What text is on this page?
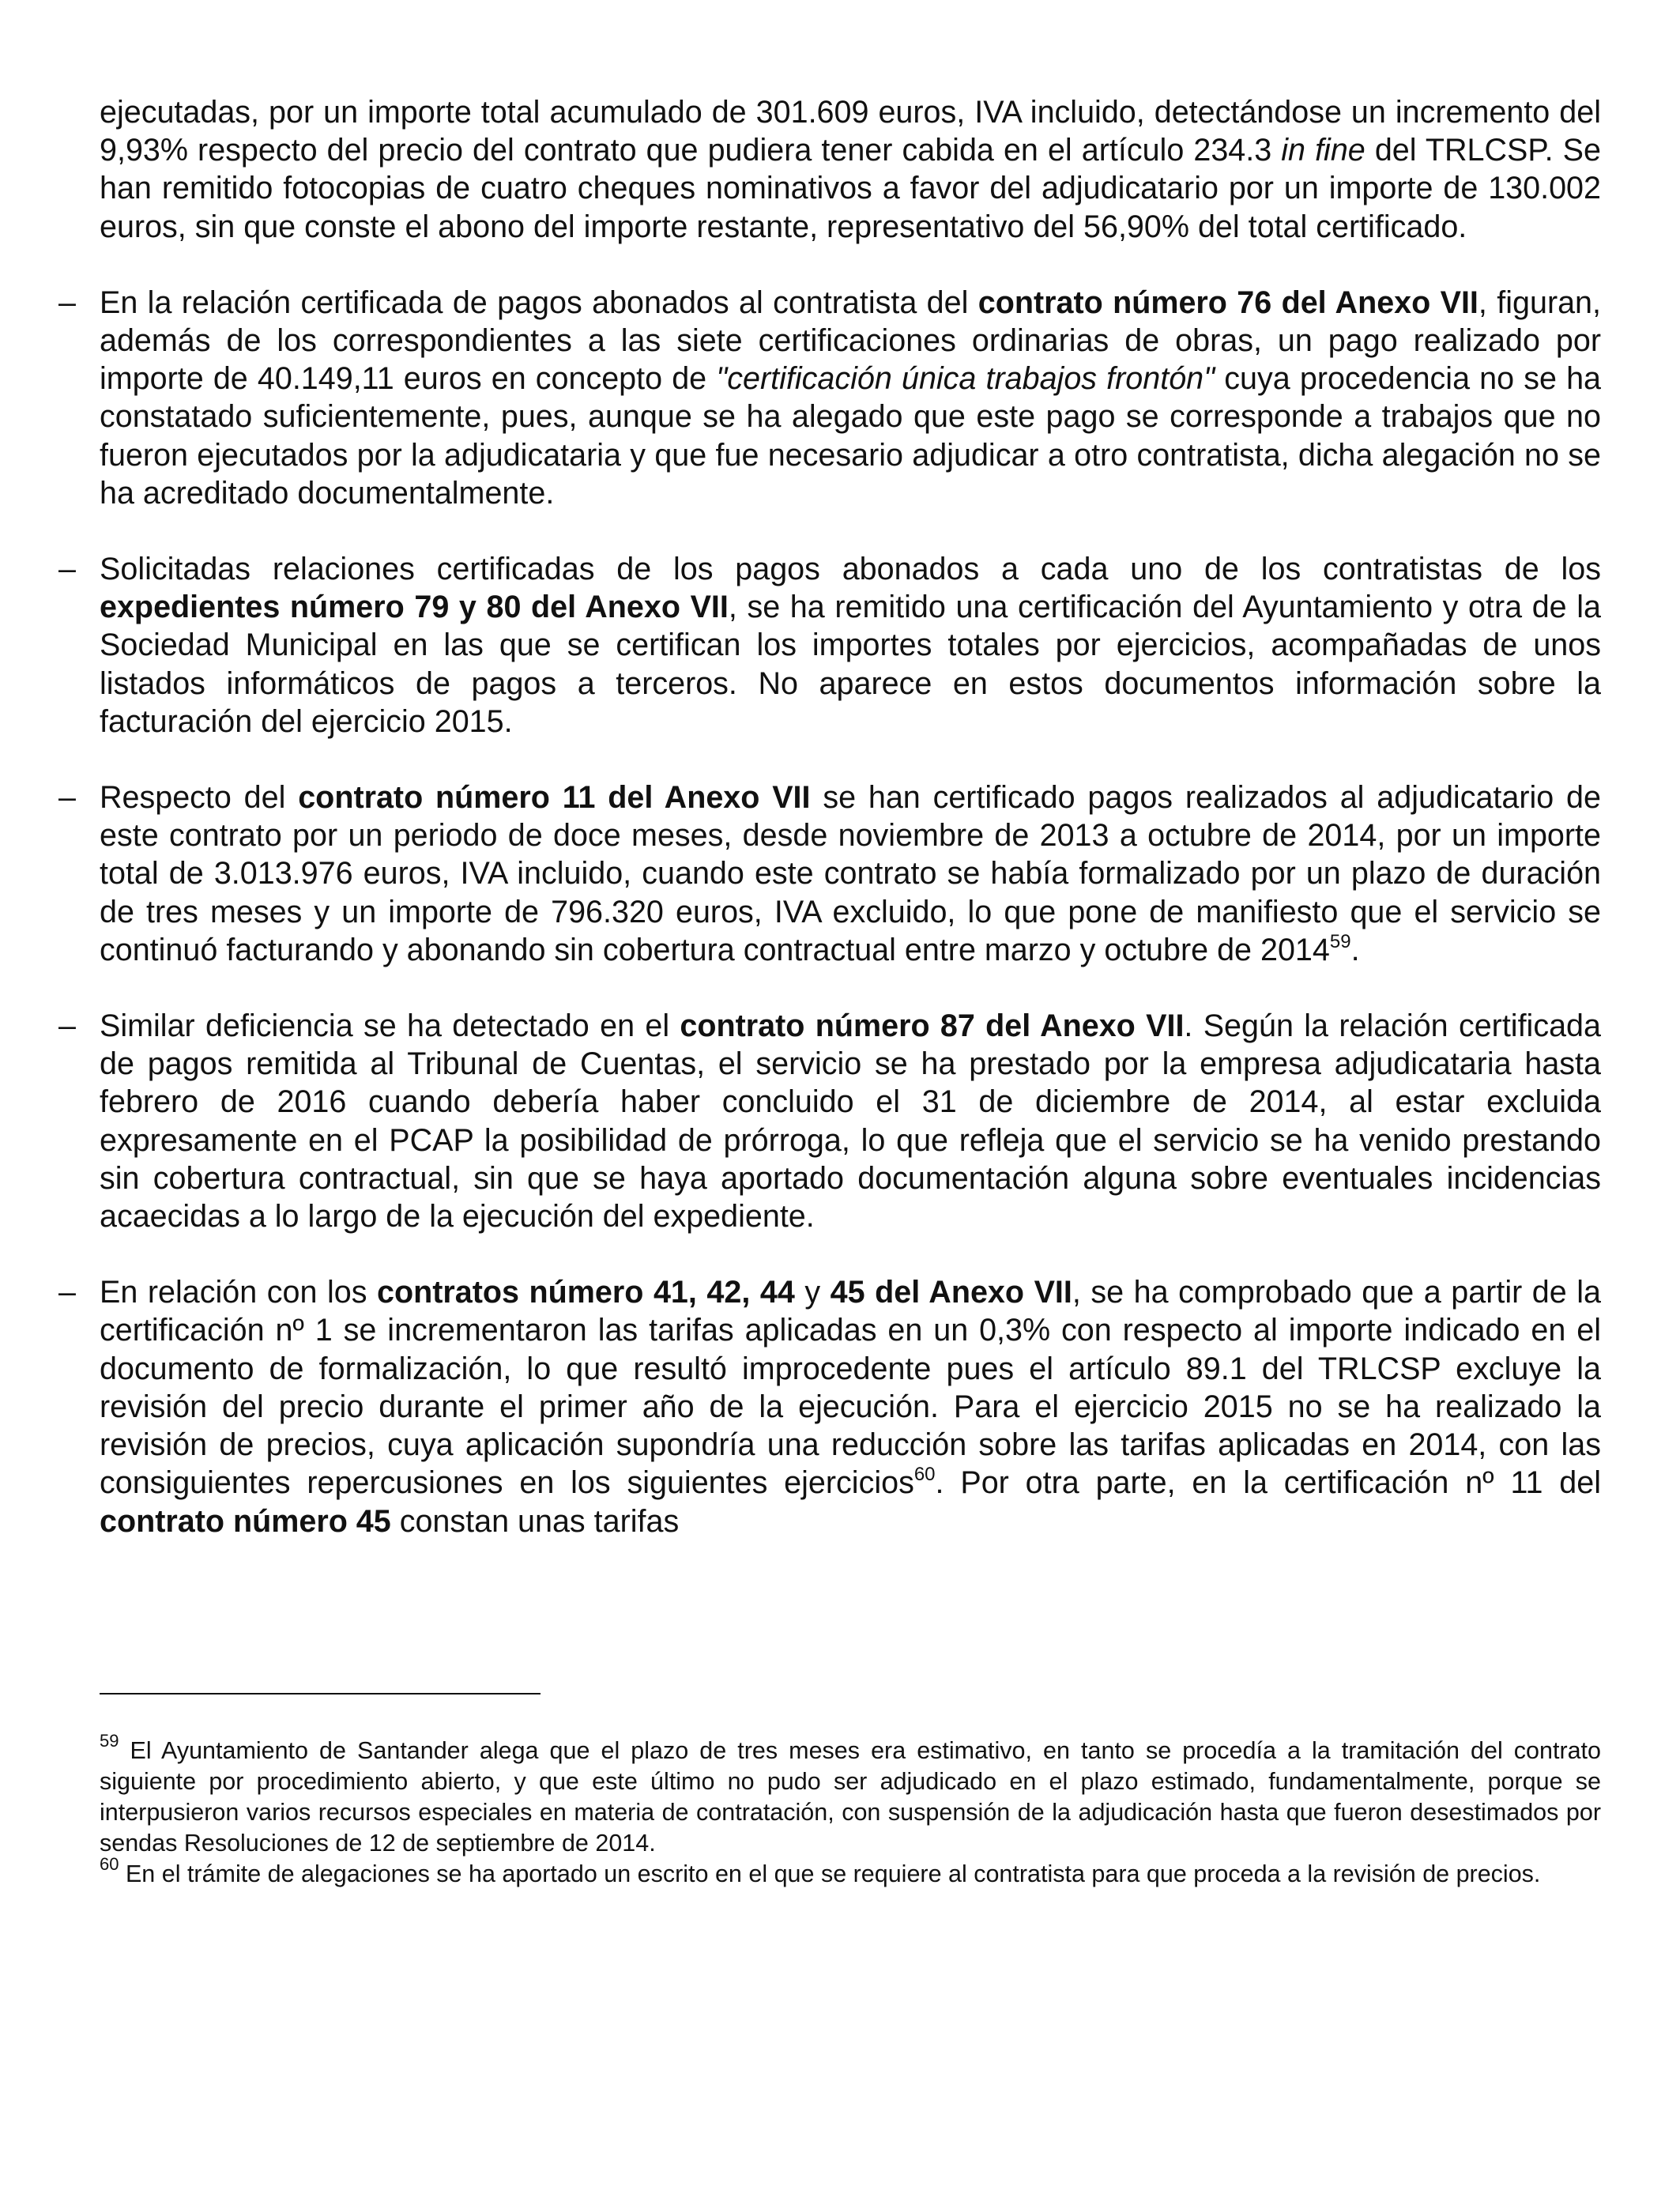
ejecutadas, por un importe total acumulado de 301.609 euros, IVA incluido, detectándose un incremento del 9,93% respecto del precio del contrato que pudiera tener cabida en el artículo 234.3 in fine del TRLCSP. Se han remitido fotocopias de cuatro cheques nominativos a favor del adjudicatario por un importe de 130.002 euros, sin que conste el abono del importe restante, representativo del 56,90% del total certificado.

– En la relación certificada de pagos abonados al contratista del contrato número 76 del Anexo VII, figuran, además de los correspondientes a las siete certificaciones ordinarias de obras, un pago realizado por importe de 40.149,11 euros en concepto de "certificación única trabajos frontón" cuya procedencia no se ha constatado suficientemente, pues, aunque se ha alegado que este pago se corresponde a trabajos que no fueron ejecutados por la adjudicataria y que fue necesario adjudicar a otro contratista, dicha alegación no se ha acreditado documentalmente.

– Solicitadas relaciones certificadas de los pagos abonados a cada uno de los contratistas de los expedientes número 79 y 80 del Anexo VII, se ha remitido una certificación del Ayuntamiento y otra de la Sociedad Municipal en las que se certifican los importes totales por ejercicios, acompañadas de unos listados informáticos de pagos a terceros. No aparece en estos documentos información sobre la facturación del ejercicio 2015.

– Respecto del contrato número 11 del Anexo VII se han certificado pagos realizados al adjudicatario de este contrato por un periodo de doce meses, desde noviembre de 2013 a octubre de 2014, por un importe total de 3.013.976 euros, IVA incluido, cuando este contrato se había formalizado por un plazo de duración de tres meses y un importe de 796.320 euros, IVA excluido, lo que pone de manifiesto que el servicio se continuó facturando y abonando sin cobertura contractual entre marzo y octubre de 2014$^{59}$.

– Similar deficiencia se ha detectado en el contrato número 87 del Anexo VII. Según la relación certificada de pagos remitida al Tribunal de Cuentas, el servicio se ha prestado por la empresa adjudicataria hasta febrero de 2016 cuando debería haber concluido el 31 de diciembre de 2014, al estar excluida expresamente en el PCAP la posibilidad de prórroga, lo que refleja que el servicio se ha venido prestando sin cobertura contractual, sin que se haya aportado documentación alguna sobre eventuales incidencias acaecidas a lo largo de la ejecución del expediente.

– En relación con los contratos número 41, 42, 44 y 45 del Anexo VII, se ha comprobado que a partir de la certificación nº 1 se incrementaron las tarifas aplicadas en un 0,3% con respecto al importe indicado en el documento de formalización, lo que resultó improcedente pues el artículo 89.1 del TRLCSP excluye la revisión del precio durante el primer año de la ejecución. Para el ejercicio 2015 no se ha realizado la revisión de precios, cuya aplicación supondría una reducción sobre las tarifas aplicadas en 2014, con las consiguientes repercusiones en los siguientes ejercicios$^{60}$. Por otra parte, en la certificación nº 11 del contrato número 45 constan unas tarifas

$^{59}$ El Ayuntamiento de Santander alega que el plazo de tres meses era estimativo, en tanto se procedía a la tramitación del contrato siguiente por procedimiento abierto, y que este último no pudo ser adjudicado en el plazo estimado, fundamentalmente, porque se interpusieron varios recursos especiales en materia de contratación, con suspensión de la adjudicación hasta que fueron desestimados por sendas Resoluciones de 12 de septiembre de 2014.

$^{60}$ En el trámite de alegaciones se ha aportado un escrito en el que se requiere al contratista para que proceda a la revisión de precios.
